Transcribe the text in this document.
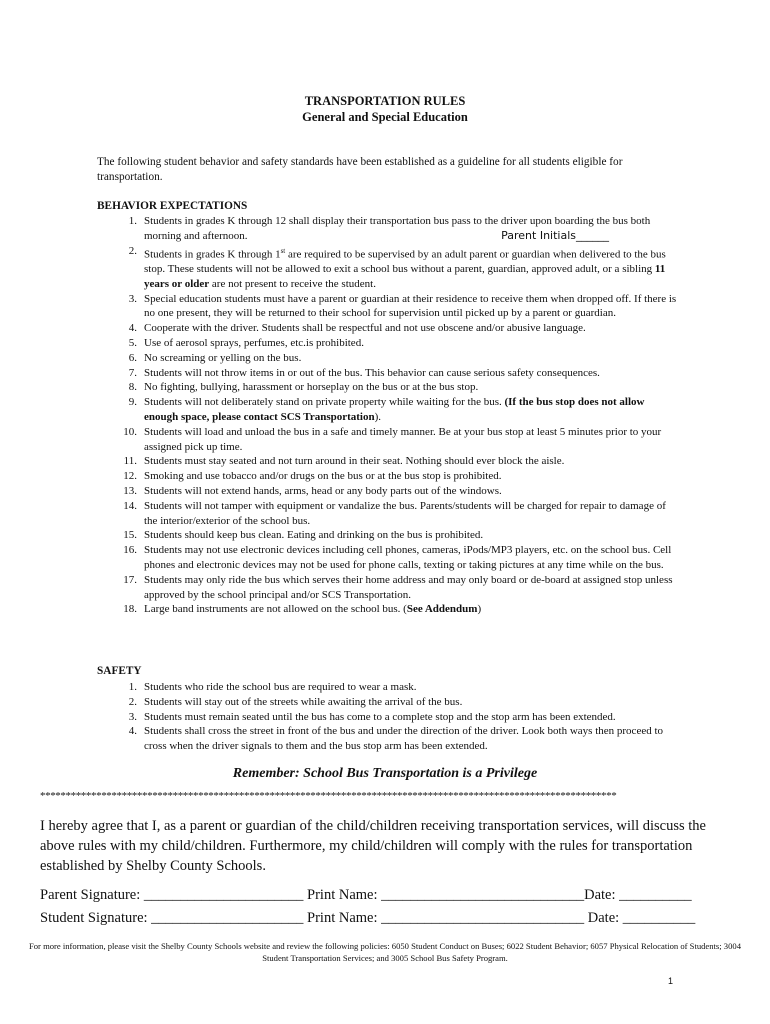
TRANSPORTATION RULES
General and Special Education
The following student behavior and safety standards have been established as a guideline for all students eligible for transportation.
BEHAVIOR EXPECTATIONS
1. Students in grades K through 12 shall display their transportation bus pass to the driver upon boarding the bus both morning and afternoon.	Parent Initials______
2. Students in grades K through 1st are required to be supervised by an adult parent or guardian when delivered to the bus stop. These students will not be allowed to exit a school bus without a parent, guardian, approved adult, or a sibling 11 years or older are not present to receive the student.
3. Special education students must have a parent or guardian at their residence to receive them when dropped off. If there is no one present, they will be returned to their school for supervision until picked up by a parent or guardian.
4. Cooperate with the driver. Students shall be respectful and not use obscene and/or abusive language.
5. Use of aerosol sprays, perfumes, etc.is prohibited.
6. No screaming or yelling on the bus.
7. Students will not throw items in or out of the bus. This behavior can cause serious safety consequences.
8. No fighting, bullying, harassment or horseplay on the bus or at the bus stop.
9. Students will not deliberately stand on private property while waiting for the bus. (If the bus stop does not allow enough space, please contact SCS Transportation).
10. Students will load and unload the bus in a safe and timely manner. Be at your bus stop at least 5 minutes prior to your assigned pick up time.
11. Students must stay seated and not turn around in their seat. Nothing should ever block the aisle.
12. Smoking and use tobacco and/or drugs on the bus or at the bus stop is prohibited.
13. Students will not extend hands, arms, head or any body parts out of the windows.
14. Students will not tamper with equipment or vandalize the bus. Parents/students will be charged for repair to damage of the interior/exterior of the school bus.
15. Students should keep bus clean. Eating and drinking on the bus is prohibited.
16. Students may not use electronic devices including cell phones, cameras, iPods/MP3 players, etc. on the school bus. Cell phones and electronic devices may not be used for phone calls, texting or taking pictures at any time while on the bus.
17. Students may only ride the bus which serves their home address and may only board or de-board at assigned stop unless approved by the school principal and/or SCS Transportation.
18. Large band instruments are not allowed on the school bus. (See Addendum)
SAFETY
1. Students who ride the school bus are required to wear a mask.
2. Students will stay out of the streets while awaiting the arrival of the bus.
3. Students must remain seated until the bus has come to a complete stop and the stop arm has been extended.
4. Students shall cross the street in front of the bus and under the direction of the driver. Look both ways then proceed to cross when the driver signals to them and the bus stop arm has been extended.
Remember: School Bus Transportation is a Privilege
*****************************************************************************************************************
I hereby agree that I, as a parent or guardian of the child/children receiving transportation services, will discuss the above rules with my child/children. Furthermore, my child/children will comply with the rules for transportation established by Shelby County Schools.
Parent Signature: ______________________ Print Name: ____________________________Date: __________
Student Signature: _____________________ Print Name: ____________________________ Date: __________
For more information, please visit the Shelby County Schools website and review the following policies: 6050 Student Conduct on Buses; 6022 Student Behavior; 6057 Physical Relocation of Students; 3004 Student Transportation Services; and 3005 School Bus Safety Program.
1
